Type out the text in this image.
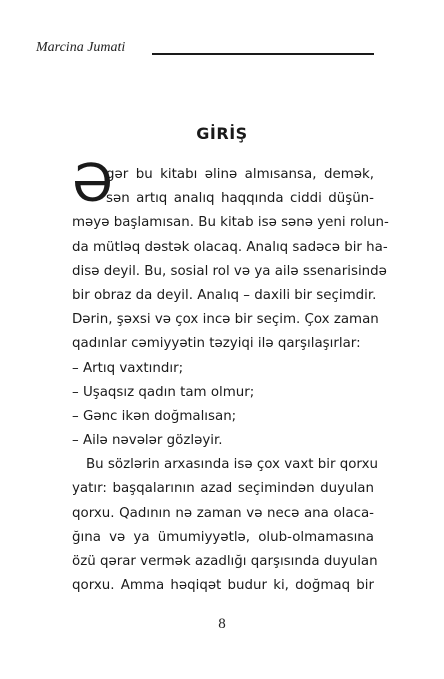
Marcina Jumati
GİRİŞ
Ə
gər bu kitabı əlinə almısansa, demək,
sən artıq analıq haqqında ciddi düşün-
məyə başlamısan. Bu kitab isə sənə yeni rolun-
da mütləq dəstək olacaq. Analıq sadəcə bir ha-
disə deyil. Bu, sosial rol və ya ailə ssenarisində
bir obraz da deyil. Analıq – daxili bir seçimdir.
Dərin, şəxsi və çox incə bir seçim. Çox zaman
qadınlar cəmiyyətin təzyiqi ilə qarşılaşırlar:
– Artıq vaxtındır;
– Uşaqsız qadın tam olmur;
– Gənc ikən doğmalısan;
– Ailə nəvələr gözləyir.
Bu sözlərin arxasında isə çox vaxt bir qorxu
yatır: başqalarının azad seçimindən duyulan
qorxu. Qadının nə zaman və necə ana olaca-
ğına və ya ümumiyyətlə, olub-olmamasına
özü qərar vermək azadlığı qarşısında duyulan
qorxu. Amma həqiqət budur ki, doğmaq bir
8
